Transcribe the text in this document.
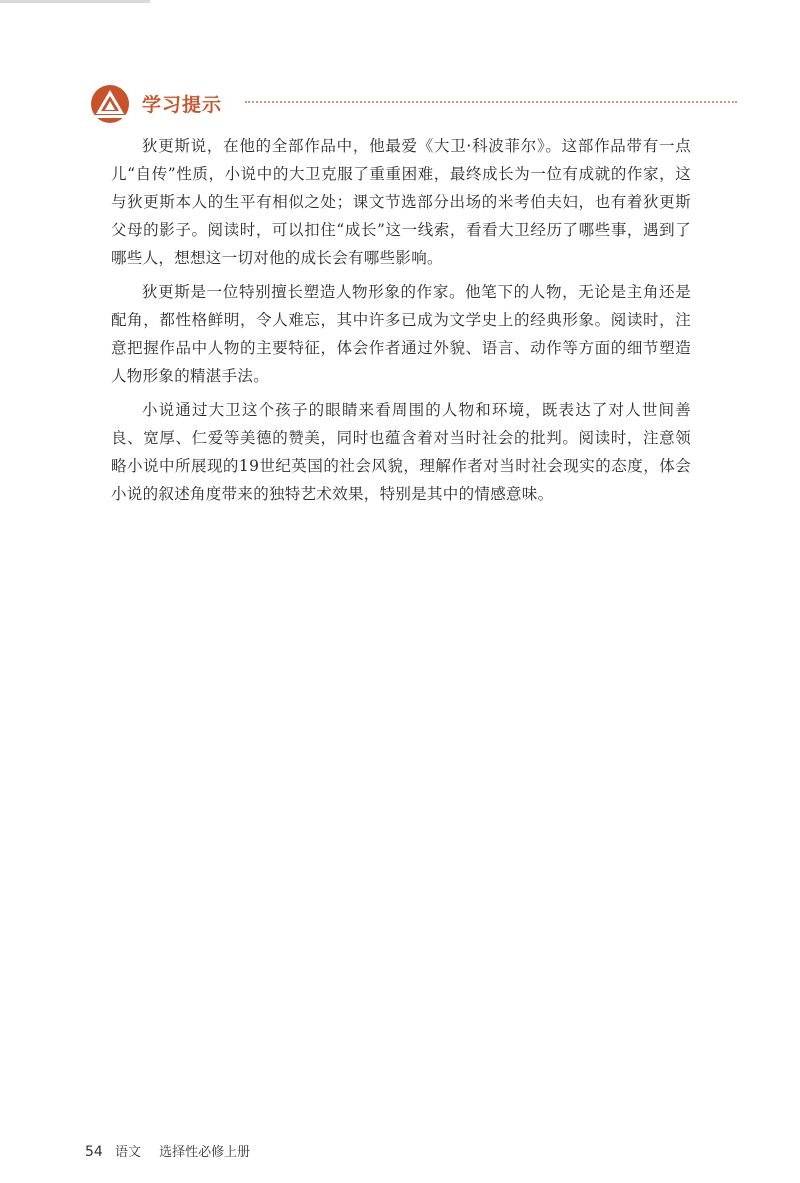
学习提示

狄更斯说，在他的全部作品中，他最爱《大卫·科波菲尔》。这部作品带有一点儿“自传”性质，小说中的大卫克服了重重困难，最终成长为一位有成就的作家，这与狄更斯本人的生平有相似之处；课文节选部分出场的米考伯夫妇，也有着狄更斯父母的影子。阅读时，可以扣住“成长”这一线索，看看大卫经历了哪些事，遇到了哪些人，想想这一切对他的成长会有哪些影响。

狄更斯是一位特别擅长塑造人物形象的作家。他笔下的人物，无论是主角还是配角，都性格鲜明，令人难忘，其中许多已成为文学史上的经典形象。阅读时，注意把握作品中人物的主要特征，体会作者通过外貌、语言、动作等方面的细节塑造人物形象的精湛手法。

小说通过大卫这个孩子的眼睛来看周围的人物和环境，既表达了对人世间善良、宽厚、仁爱等美德的赞美，同时也蕴含着对当时社会的批判。阅读时，注意领略小说中所展现的19世纪英国的社会风貌，理解作者对当时社会现实的态度，体会小说的叙述角度带来的独特艺术效果，特别是其中的情感意味。

54 语文 选择性必修上册
